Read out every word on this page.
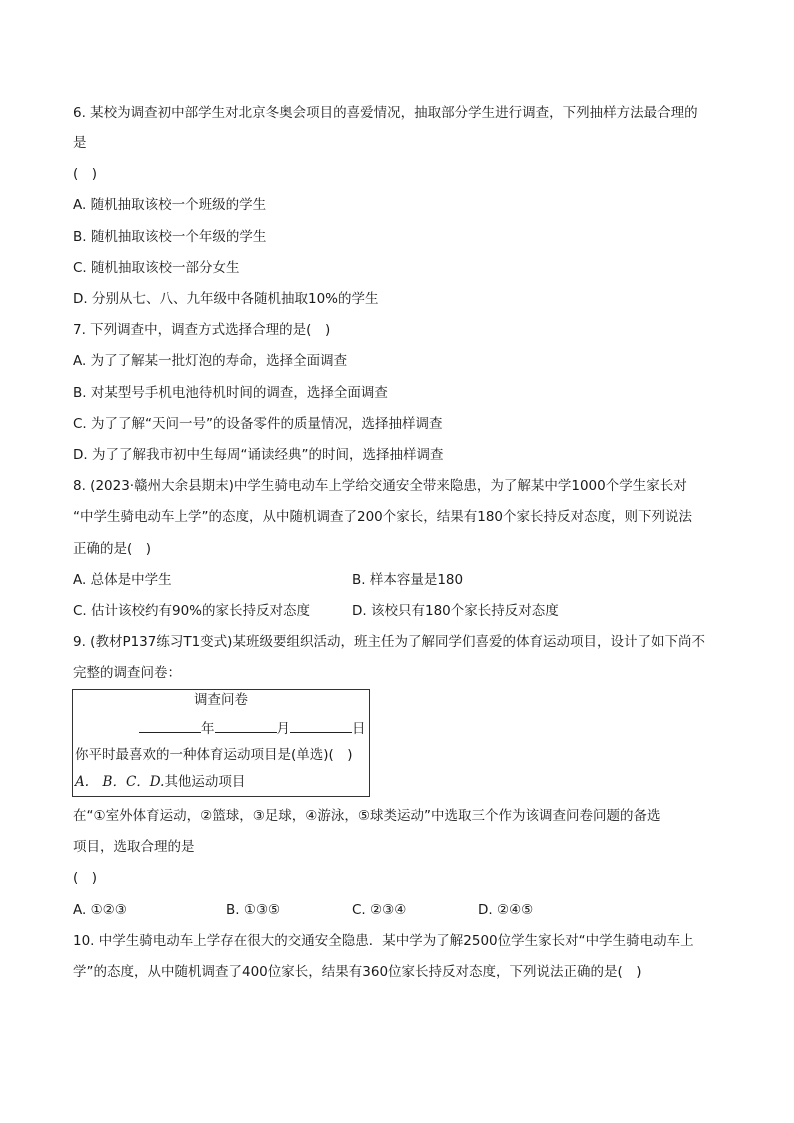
6. 某校为调查初中部学生对北京冬奥会项目的喜爱情况，抽取部分学生进行调查，下列抽样方法最合理的
是
(　)
A. 随机抽取该校一个班级的学生
B. 随机抽取该校一个年级的学生
C. 随机抽取该校一部分女生
D. 分别从七、八、九年级中各随机抽取10%的学生
7. 下列调查中，调查方式选择合理的是(　)
A. 为了了解某一批灯泡的寿命，选择全面调查
B. 对某型号手机电池待机时间的调查，选择全面调查
C. 为了了解“天问一号”的设备零件的质量情况，选择抽样调查
D. 为了了解我市初中生每周“诵读经典”的时间，选择抽样调查
8. (2023·赣州大余县期末)中学生骑电动车上学给交通安全带来隐患，为了解某中学1000个学生家长对
“中学生骑电动车上学”的态度，从中随机调查了200个家长，结果有180个家长持反对态度，则下列说法
正确的是(　)
A. 总体是中学生	B. 样本容量是180
C. 估计该校约有90%的家长持反对态度	D. 该校只有180个家长持反对态度
9. (教材P137练习T1变式)某班级要组织活动，班主任为了解同学们喜爱的体育运动项目，设计了如下尚不
完整的调查问卷：
调查问卷
年	月	日
你平时最喜欢的一种体育运动项目是(单选)(　)
A.　B．C．D.其他运动项目
在“①室外体育运动，②篮球，③足球，④游泳，⑤球类运动”中选取三个作为该调查问卷问题的备选
项目，选取合理的是
(　)
A. ①②③	B. ①③⑤	C. ②③④	D. ②④⑤
10. 中学生骑电动车上学存在很大的交通安全隐患．某中学为了解2500位学生家长对“中学生骑电动车上
学”的态度，从中随机调查了400位家长，结果有360位家长持反对态度，下列说法正确的是(　)
